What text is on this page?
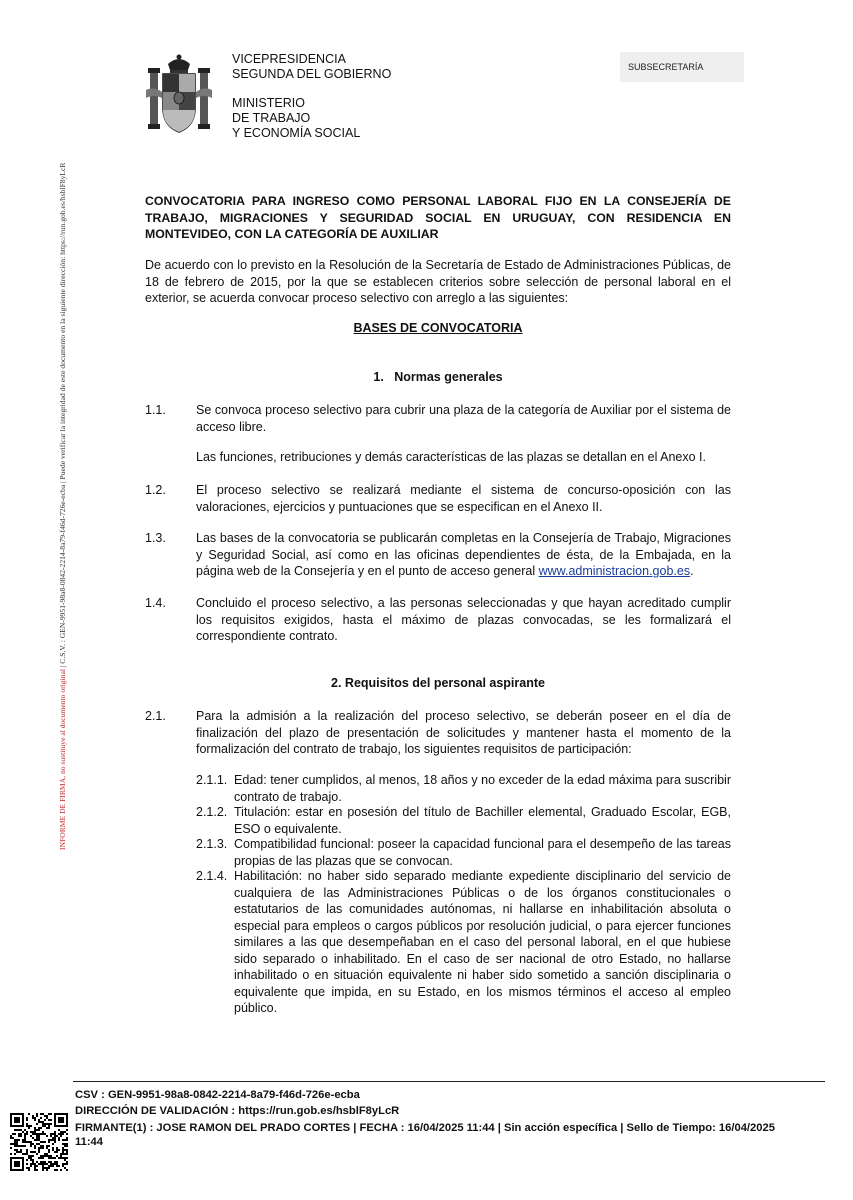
VICEPRESIDENCIA
SEGUNDA DEL GOBIERNO
MINISTERIO
DE TRABAJO
Y ECONOMÍA SOCIAL
SUBSECRETARÍA
INFORME DE FIRMA, no sustituye al documento original | C.S.V. : GEN-9951-98a8-0842-2214-8a79-f46d-726e-ecba | Puede verificar la integridad de este documento en la siguiente dirección: https://run.gob.es/hsblF8yLcR	CONVOCATORIA PARA INGRESO COMO PERSONAL LABORAL FIJO EN LA CONSEJERÍA DE TRABAJO, MIGRACIONES Y SEGURIDAD SOCIAL EN URUGUAY, CON RESIDENCIA EN MONTEVIDEO, CON LA CATEGORÍA DE AUXILIAR
De acuerdo con lo previsto en la Resolución de la Secretaría de Estado de Administraciones Públicas, de 18 de febrero de 2015, por la que se establecen criterios sobre selección de personal laboral en el exterior, se acuerda convocar proceso selectivo con arreglo a las siguientes:
BASES DE CONVOCATORIA
1.   Normas generales
1.1. Se convoca proceso selectivo para cubrir una plaza de la categoría de Auxiliar por el sistema de acceso libre.

Las funciones, retribuciones y demás características de las plazas se detallan en el Anexo I.

1.2. El proceso selectivo se realizará mediante el sistema de concurso-oposición con las valoraciones, ejercicios y puntuaciones que se especifican en el Anexo II.
1.3. Las bases de la convocatoria se publicarán completas en la Consejería de Trabajo, Migraciones y Seguridad Social, así como en las oficinas dependientes de ésta, de la Embajada, en la página web de la Consejería y en el punto de acceso general www.administracion.gob.es.
1.4. Concluido el proceso selectivo, a las personas seleccionadas y que hayan acreditado cumplir los requisitos exigidos, hasta el máximo de plazas convocadas, se les formalizará el correspondiente contrato.
2. Requisitos del personal aspirante
2.1. Para la admisión a la realización del proceso selectivo, se deberán poseer en el día de finalización del plazo de presentación de solicitudes y mantener hasta el momento de la formalización del contrato de trabajo, los siguientes requisitos de participación:
2.1.1. Edad: tener cumplidos, al menos, 18 años y no exceder de la edad máxima para suscribir contrato de trabajo.
2.1.2. Titulación: estar en posesión del título de Bachiller elemental, Graduado Escolar, EGB, ESO o equivalente.
2.1.3. Compatibilidad funcional: poseer la capacidad funcional para el desempeño de las tareas propias de las plazas que se convocan.
2.1.4. Habilitación: no haber sido separado mediante expediente disciplinario del servicio de cualquiera de las Administraciones Públicas o de los órganos constitucionales o estatutarios de las comunidades autónomas, ni hallarse en inhabilitación absoluta o especial para empleos o cargos públicos por resolución judicial, o para ejercer funciones similares a las que desempeñaban en el caso del personal laboral, en el que hubiese sido separado o inhabilitado. En el caso de ser nacional de otro Estado, no hallarse inhabilitado o en situación equivalente ni haber sido sometido a sanción disciplinaria o equivalente que impida, en su Estado, en los mismos términos el acceso al empleo público.
CSV : GEN-9951-98a8-0842-2214-8a79-f46d-726e-ecba
DIRECCIÓN DE VALIDACIÓN : https://run.gob.es/hsblF8yLcR
FIRMANTE(1) : JOSE RAMON DEL PRADO CORTES | FECHA : 16/04/2025 11:44 | Sin acción específica | Sello de Tiempo: 16/04/2025 11:44
